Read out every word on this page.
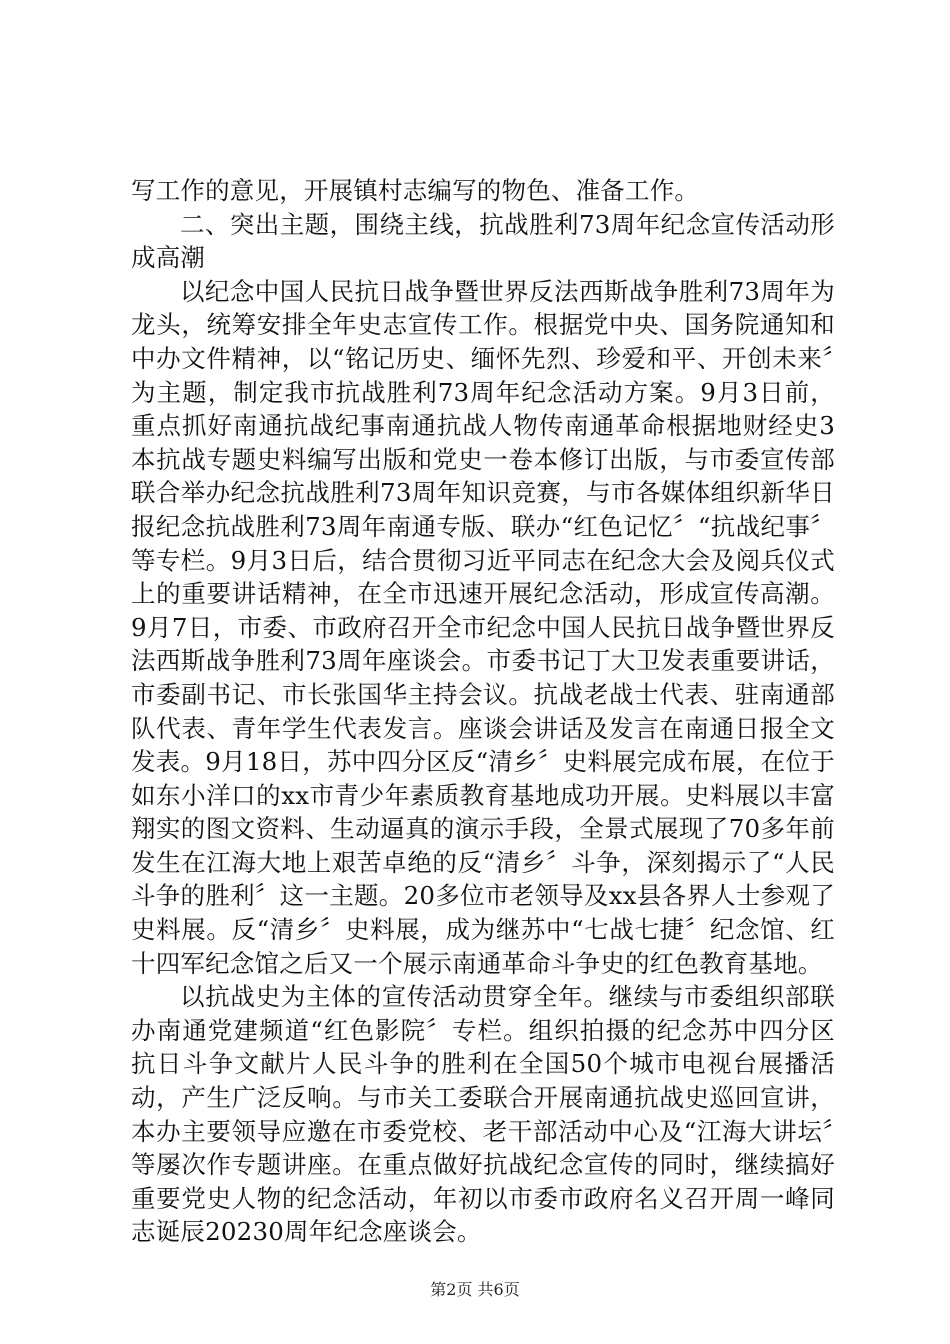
写工作的意见，开展镇村志编写的物色、准备工作。

二、突出主题，围绕主线，抗战胜利73周年纪念宣传活动形成高潮

以纪念中国人民抗日战争暨世界反法西斯战争胜利73周年为龙头，统筹安排全年史志宣传工作。根据党中央、国务院通知和中办文件精神，以“铭记历史、缅怀先烈、珍爱和平、开创未来〞为主题，制定我市抗战胜利73周年纪念活动方案。9月3日前，重点抓好南通抗战纪事南通抗战人物传南通革命根据地财经史3本抗战专题史料编写出版和党史一卷本修订出版，与市委宣传部联合举办纪念抗战胜利73周年知识竞赛，与市各媒体组织新华日报纪念抗战胜利73周年南通专版、联办“红色记忆〞“抗战纪事〞等专栏。9月3日后，结合贯彻习近平同志在纪念大会及阅兵仪式上的重要讲话精神，在全市迅速开展纪念活动，形成宣传高潮。9月7日，市委、市政府召开全市纪念中国人民抗日战争暨世界反法西斯战争胜利73周年座谈会。市委书记丁大卫发表重要讲话，市委副书记、市长张国华主持会议。抗战老战士代表、驻南通部队代表、青年学生代表发言。座谈会讲话及发言在南通日报全文发表。9月18日，苏中四分区反“清乡〞史料展完成布展，在位于如东小洋口的xx市青少年素质教育基地成功开展。史料展以丰富翔实的图文资料、生动逼真的演示手段，全景式展现了70多年前发生在江海大地上艰苦卓绝的反“清乡〞斗争，深刻揭示了“人民斗争的胜利〞这一主题。20多位市老领导及xx县各界人士参观了史料展。反“清乡〞史料展，成为继苏中“七战七捷〞纪念馆、红十四军纪念馆之后又一个展示南通革命斗争史的红色教育基地。

以抗战史为主体的宣传活动贯穿全年。继续与市委组织部联办南通党建频道“红色影院〞专栏。组织拍摄的纪念苏中四分区抗日斗争文献片人民斗争的胜利在全国50个城市电视台展播活动，产生广泛反响。与市关工委联合开展南通抗战史巡回宣讲，本办主要领导应邀在市委党校、老干部活动中心及“江海大讲坛〞等屡次作专题讲座。在重点做好抗战纪念宣传的同时，继续搞好重要党史人物的纪念活动，年初以市委市政府名义召开周一峰同志诞辰20230周年纪念座谈会。

第2页 共6页
